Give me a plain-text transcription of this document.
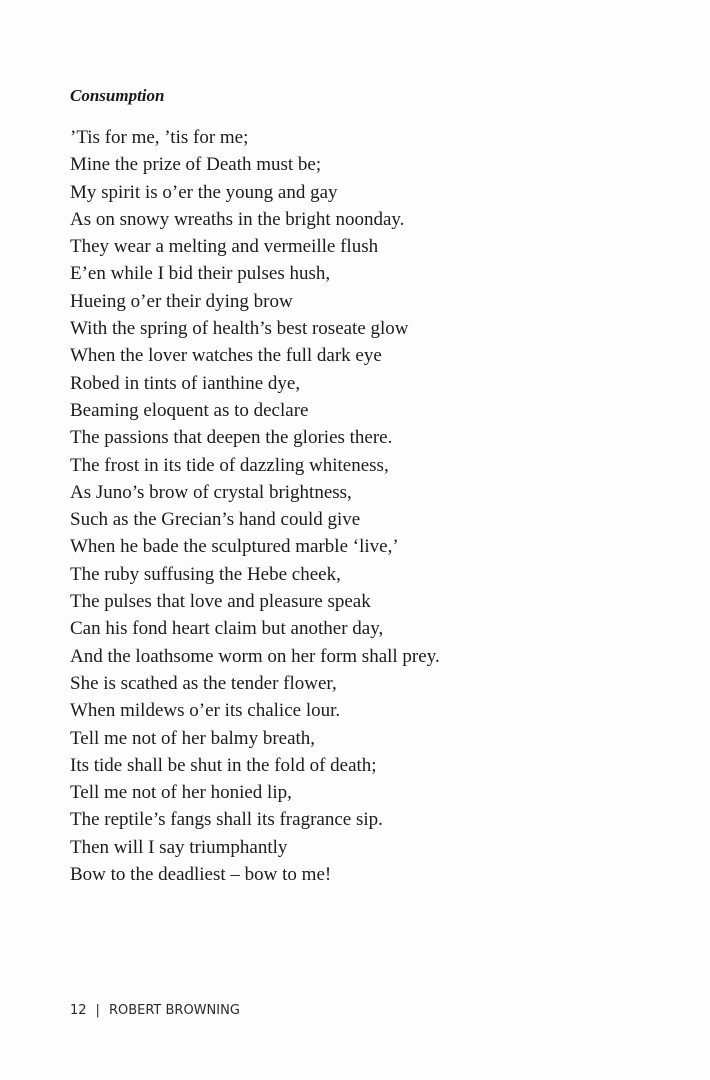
Consumption
’Tis for me, ’tis for me;
Mine the prize of Death must be;
My spirit is o’er the young and gay
As on snowy wreaths in the bright noonday.
They wear a melting and vermeille flush
E’en while I bid their pulses hush,
Hueing o’er their dying brow
With the spring of health’s best roseate glow
When the lover watches the full dark eye
Robed in tints of ianthine dye,
Beaming eloquent as to declare
The passions that deepen the glories there.
The frost in its tide of dazzling whiteness,
As Juno’s brow of crystal brightness,
Such as the Grecian’s hand could give
When he bade the sculptured marble ‘live,’
The ruby suffusing the Hebe cheek,
The pulses that love and pleasure speak
Can his fond heart claim but another day,
And the loathsome worm on her form shall prey.
She is scathed as the tender flower,
When mildews o’er its chalice lour.
Tell me not of her balmy breath,
Its tide shall be shut in the fold of death;
Tell me not of her honied lip,
The reptile’s fangs shall its fragrance sip.
Then will I say triumphantly
Bow to the deadliest – bow to me!
12 | ROBERT BROWNING
